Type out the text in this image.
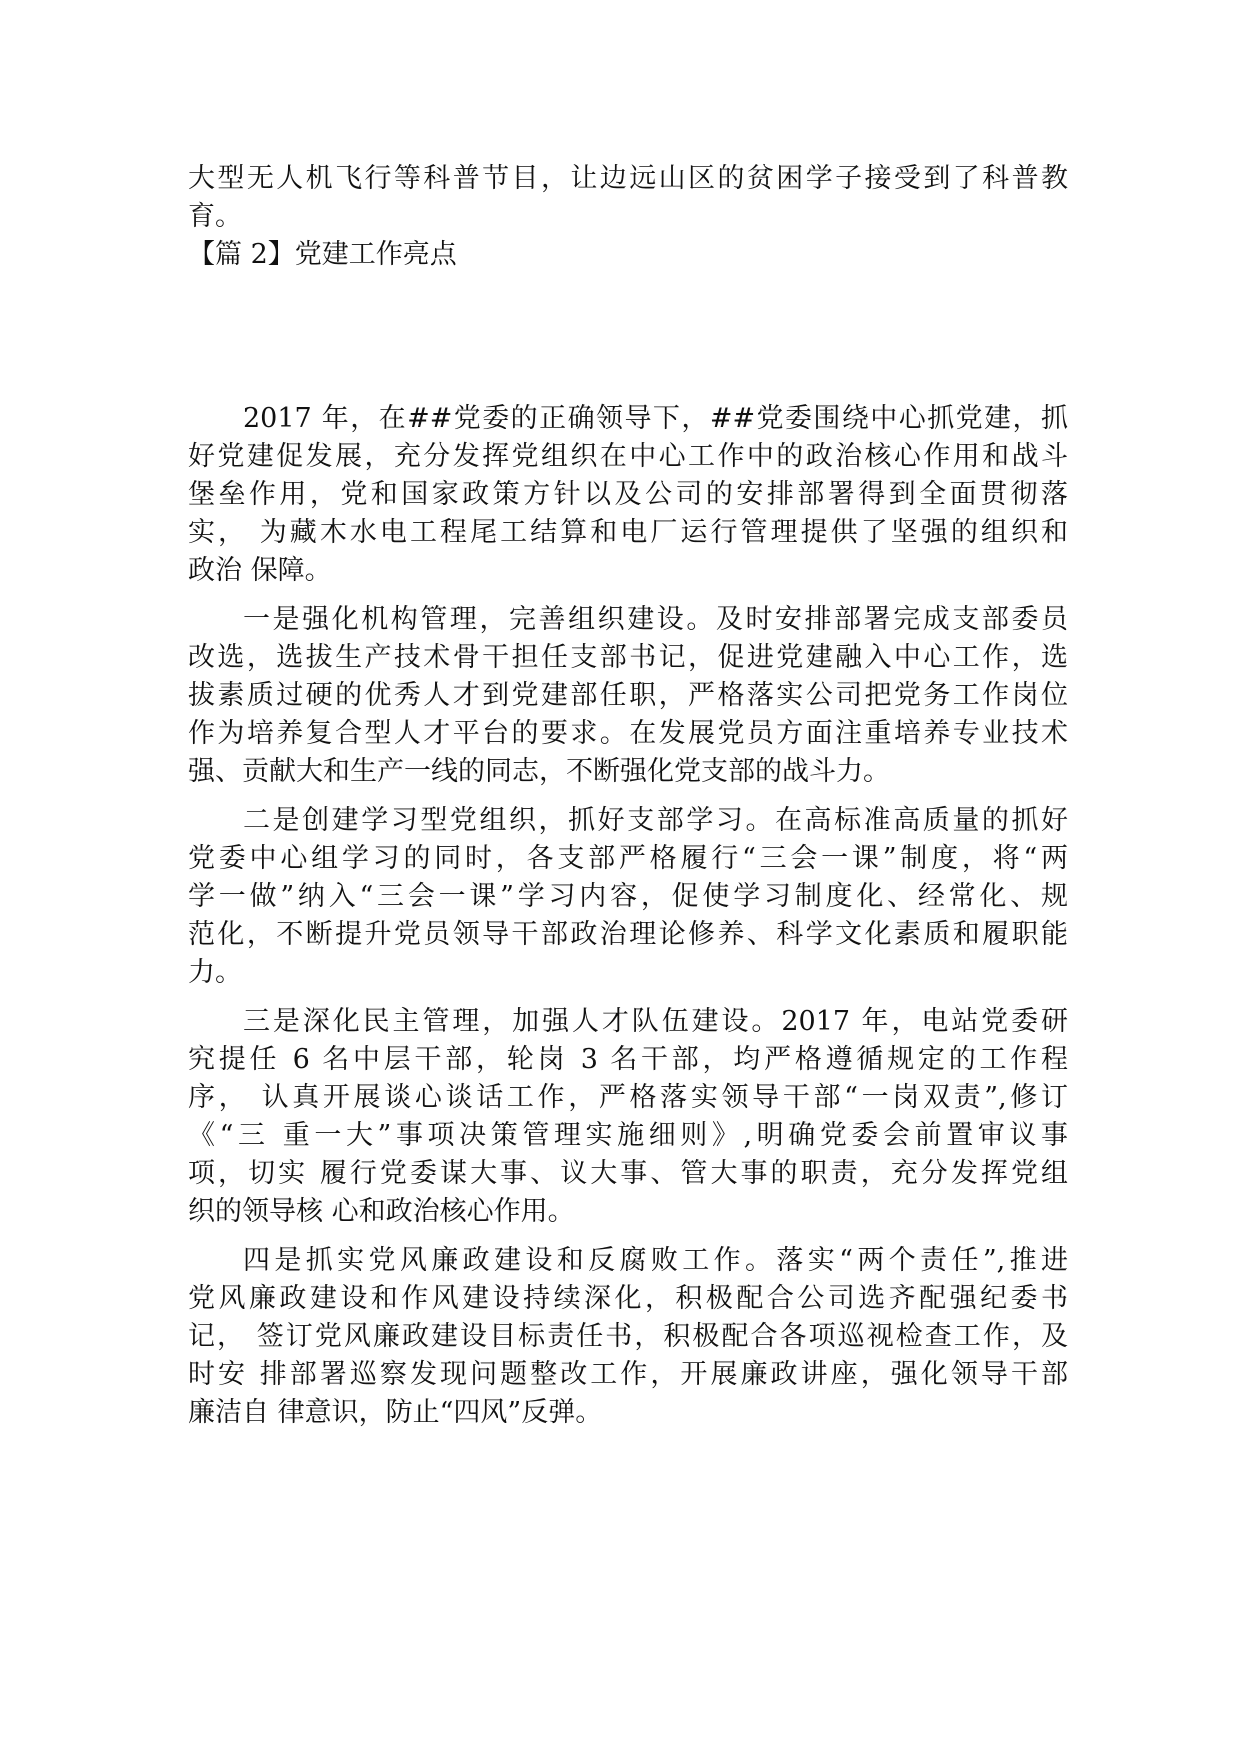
大型无人机飞行等科普节目，让边远山区的贫困学子接受到了科普教
育。
【篇 2】党建工作亮点
2017 年，在##党委的正确领导下，##党委围绕中心抓党建，抓
好党建促发展，充分发挥党组织在中心工作中的政治核心作用和战斗
堡垒作用，党和国家政策方针以及公司的安排部署得到全面贯彻落
实， 为藏木水电工程尾工结算和电厂运行管理提供了坚强的组织和
政治 保障。
一是强化机构管理，完善组织建设。及时安排部署完成支部委员
改选，选拔生产技术骨干担任支部书记，促进党建融入中心工作，选
拔素质过硬的优秀人才到党建部任职，严格落实公司把党务工作岗位
作为培养复合型人才平台的要求。在发展党员方面注重培养专业技术
强、贡献大和生产一线的同志，不断强化党支部的战斗力。
二是创建学习型党组织，抓好支部学习。在高标准高质量的抓好
党委中心组学习的同时，各支部严格履行“三会一课”制度，将“两
学一做”纳入“三会一课”学习内容，促使学习制度化、经常化、规
范化，不断提升党员领导干部政治理论修养、科学文化素质和履职能
力。
三是深化民主管理，加强人才队伍建设。2017 年，电站党委研
究提任 6 名中层干部，轮岗 3 名干部，均严格遵循规定的工作程
序， 认真开展谈心谈话工作，严格落实领导干部“一岗双责”,修订
《“三 重一大”事项决策管理实施细则》,明确党委会前置审议事
项，切实 履行党委谋大事、议大事、管大事的职责，充分发挥党组
织的领导核 心和政治核心作用。
四是抓实党风廉政建设和反腐败工作。落实“两个责任”,推进
党风廉政建设和作风建设持续深化，积极配合公司选齐配强纪委书
记， 签订党风廉政建设目标责任书，积极配合各项巡视检查工作，及
时安 排部署巡察发现问题整改工作，开展廉政讲座，强化领导干部
廉洁自 律意识，防止“四风”反弹。
